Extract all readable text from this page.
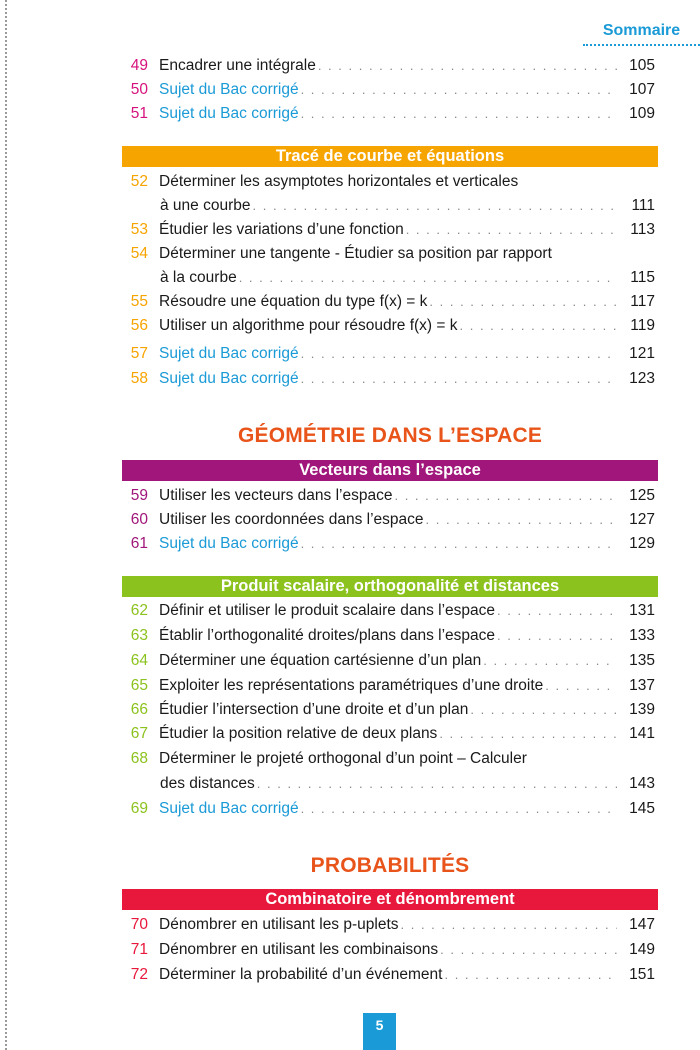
Sommaire
49 Encadrer une intégrale . . .	105
50 Sujet du Bac corrigé . . .	107
51 Sujet du Bac corrigé . . .	109
Tracé de courbe et équations
52 Déterminer les asymptotes horizontales et verticales
à une courbe . . .	111
53 Étudier les variations d’une fonction . . .	113
54 Déterminer une tangente - Étudier sa position par rapport
à la courbe . . .	115
55 Résoudre une équation du type f(x) = k . . .	117
56 Utiliser un algorithme pour résoudre f(x) = k . . .	119
57 Sujet du Bac corrigé . . .	121
58 Sujet du Bac corrigé . . .	123
GÉOMÉTRIE DANS L’ESPACE
Vecteurs dans l’espace
59 Utiliser les vecteurs dans l’espace . . .	125
60 Utiliser les coordonnées dans l’espace . . .	127
61 Sujet du Bac corrigé . . .	129
Produit scalaire, orthogonalité et distances
62 Définir et utiliser le produit scalaire dans l’espace . . .	131
63 Établir l’orthogonalité droites/plans dans l’espace . . .	133
64 Déterminer une équation cartésienne d’un plan . . .	135
65 Exploiter les représentations paramétriques d’une droite . . .	137
66 Étudier l’intersection d’une droite et d’un plan . . .	139
67 Étudier la position relative de deux plans . . .	141
68 Déterminer le projeté orthogonal d’un point – Calculer
des distances . . .	143
69 Sujet du Bac corrigé . . .	145
PROBABILITÉS
Combinatoire et dénombrement
70 Dénombrer en utilisant les p-uplets . . .	147
71 Dénombrer en utilisant les combinaisons . . .	149
72 Déterminer la probabilité d’un événement . . .	151
5
